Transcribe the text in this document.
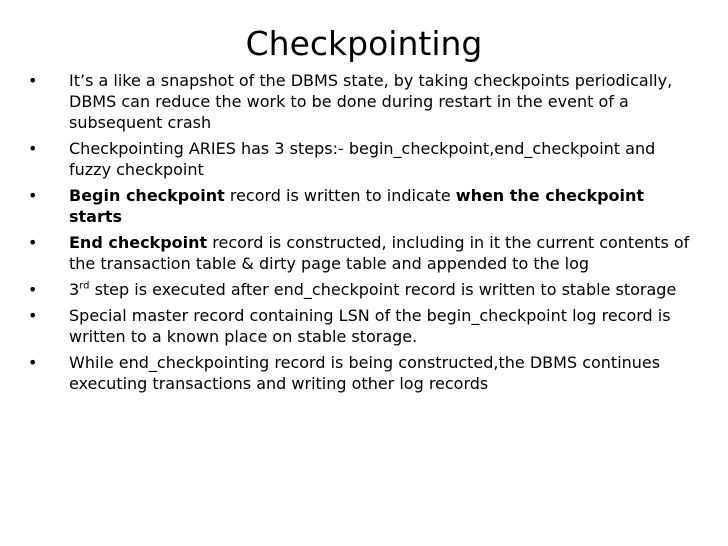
Checkpointing
• It’s a like a snapshot of the DBMS state, by taking checkpoints periodically, DBMS can reduce the work to be done during restart in the event of a subsequent crash
• Checkpointing ARIES has 3 steps:- begin_checkpoint,end_checkpoint and fuzzy checkpoint
• Begin checkpoint record is written to indicate when the checkpoint starts
• End checkpoint record is constructed, including in it the current contents of the transaction table & dirty page table and appended to the log
• 3rd step is executed after end_checkpoint record is written to stable storage
• Special master record containing LSN of the begin_checkpoint log record is written to a known place on stable storage.
• While end_checkpointing record is being constructed,the DBMS continues executing transactions and writing other log records
